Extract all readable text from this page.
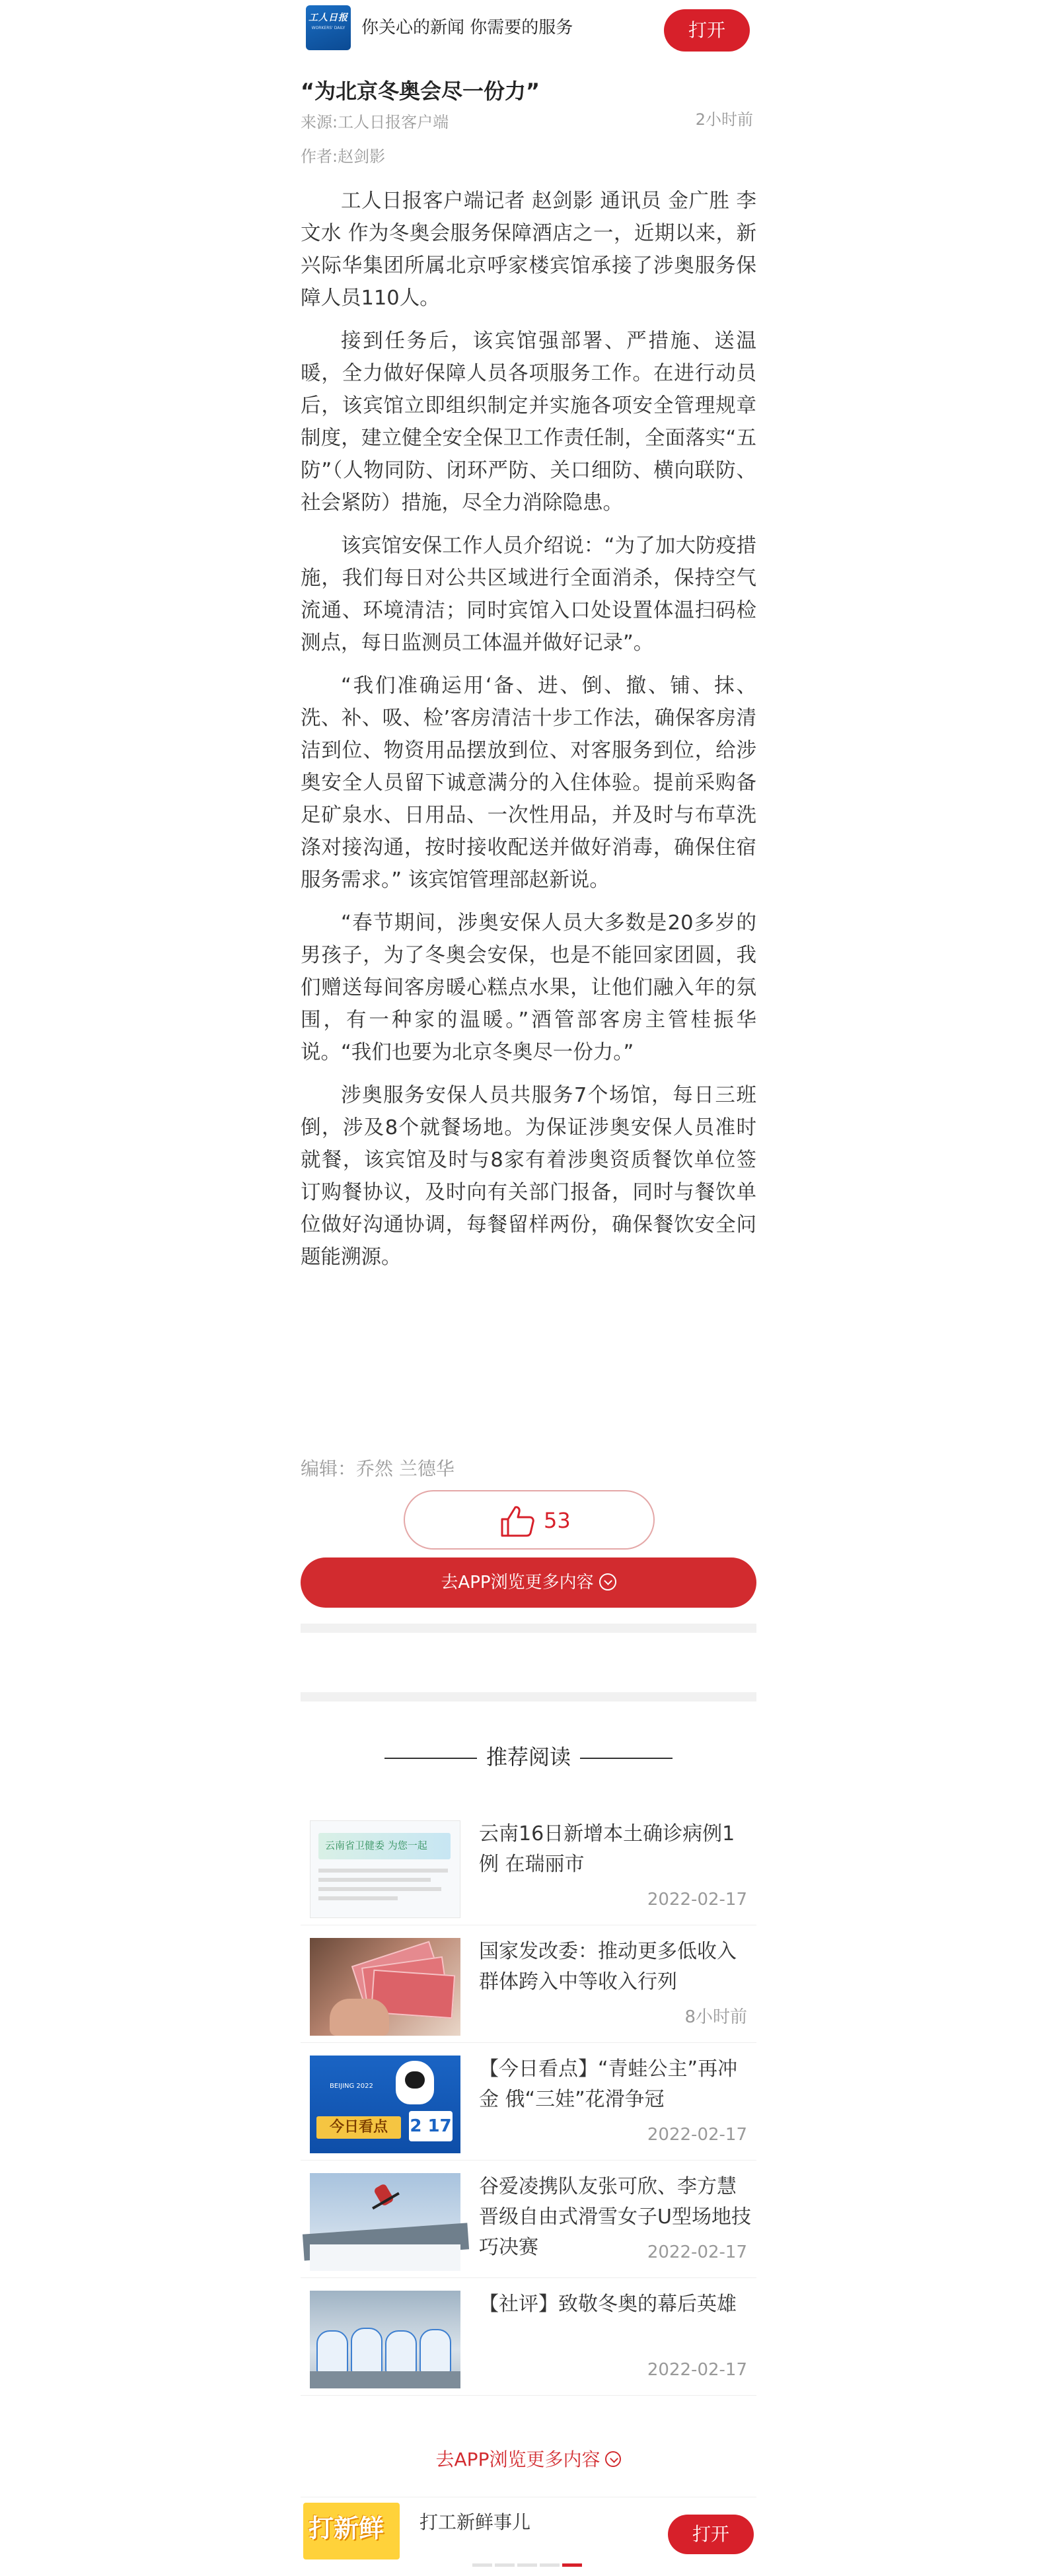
工人日报
WORKERS' DAILY 你关心的新闻 你需要的服务	打开
“为北京冬奥会尽一份力”
来源:工人日报客户端	2小时前
作者:赵剑影

工人日报客户端记者 赵剑影 通讯员 金广胜 李文水 作为冬奥会服务保障酒店之一，近期以来，新兴际华集团所属北京呼家楼宾馆承接了涉奥服务保障人员110人。

接到任务后，该宾馆强部署、严措施、送温暖，全力做好保障人员各项服务工作。在进行动员后，该宾馆立即组织制定并实施各项安全管理规章制度，建立健全安全保卫工作责任制，全面落实“五防”（人物同防、闭环严防、关口细防、横向联防、社会紧防）措施，尽全力消除隐患。

该宾馆安保工作人员介绍说：“为了加大防疫措施，我们每日对公共区域进行全面消杀，保持空气流通、环境清洁；同时宾馆入口处设置体温扫码检测点，每日监测员工体温并做好记录”。

“我们准确运用‘备、进、倒、撤、铺、抹、洗、补、吸、检’客房清洁十步工作法，确保客房清洁到位、物资用品摆放到位、对客服务到位，给涉奥安全人员留下诚意满分的入住体验。提前采购备足矿泉水、日用品、一次性用品，并及时与布草洗涤对接沟通，按时接收配送并做好消毒，确保住宿服务需求。” 该宾馆管理部赵新说。

“春节期间，涉奥安保人员大多数是20多岁的男孩子，为了冬奥会安保，也是不能回家团圆，我们赠送每间客房暖心糕点水果，让他们融入年的氛围，有一种家的温暖。”酒管部客房主管桂振华说。“我们也要为北京冬奥尽一份力。”

涉奥服务安保人员共服务7个场馆，每日三班倒，涉及8个就餐场地。为保证涉奥安保人员准时就餐，该宾馆及时与8家有着涉奥资质餐饮单位签订购餐协议，及时向有关部门报备，同时与餐饮单位做好沟通协调，每餐留样两份，确保餐饮安全问题能溯源。

编辑：乔然 兰德华
53
去APP浏览更多内容
推荐阅读
云南省卫健委 为您一起	云南16日新增本土确诊病例1例 在瑞丽市
2022-02-17
国家发改委：推动更多低收入群体跨入中等收入行列
8小时前
BEIJING 2022
今日看点	2 17
【今日看点】“青蛙公主”再冲金 俄“三娃”花滑争冠
2022-02-17
谷爱凌携队友张可欣、李方慧晋级自由式滑雪女子U型场地技巧决赛	2022-02-17
【社评】致敬冬奥的幕后英雄
2022-02-17
去APP浏览更多内容
打新鲜 打工新鲜事儿
打开
